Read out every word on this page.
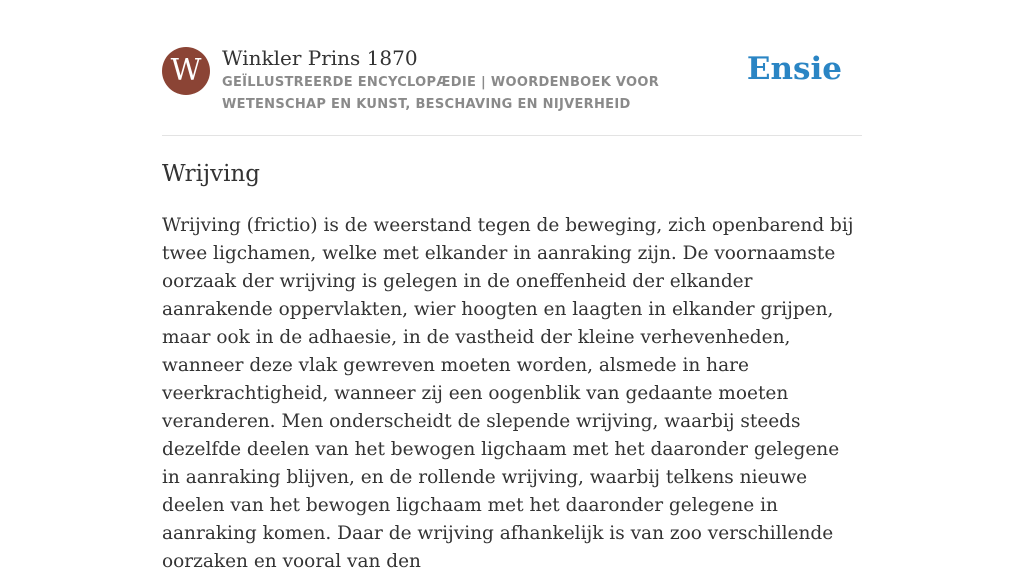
W	Winkler Prins 1870
GEÏLLUSTREERDE ENCYCLOPÆDIE | WOORDENBOEK VOOR WETENSCHAP EN KUNST, BESCHAVING EN NIJVERHEID
Ensie
Wrijving

Wrijving (frictio) is de weerstand tegen de beweging, zich openbarend bij twee ligchamen, welke met elkander in aanraking zijn. De voornaamste oorzaak der wrijving is gelegen in de oneffenheid der elkander aanrakende oppervlakten, wier hoogten en laagten in elkander grijpen, maar ook in de adhaesie, in de vastheid der kleine verhevenheden, wanneer deze vlak gewreven moeten worden, alsmede in hare veerkrachtigheid, wanneer zij een oogenblik van gedaante moeten veranderen. Men onderscheidt de slepende wrijving, waarbij steeds dezelfde deelen van het bewogen ligchaam met het daaronder gelegene in aanraking blijven, en de rollende wrijving, waarbij telkens nieuwe deelen van het bewogen ligchaam met het daaronder gelegene in aanraking komen. Daar de wrijving afhankelijk is van zoo verschillende oorzaken en vooral van den
